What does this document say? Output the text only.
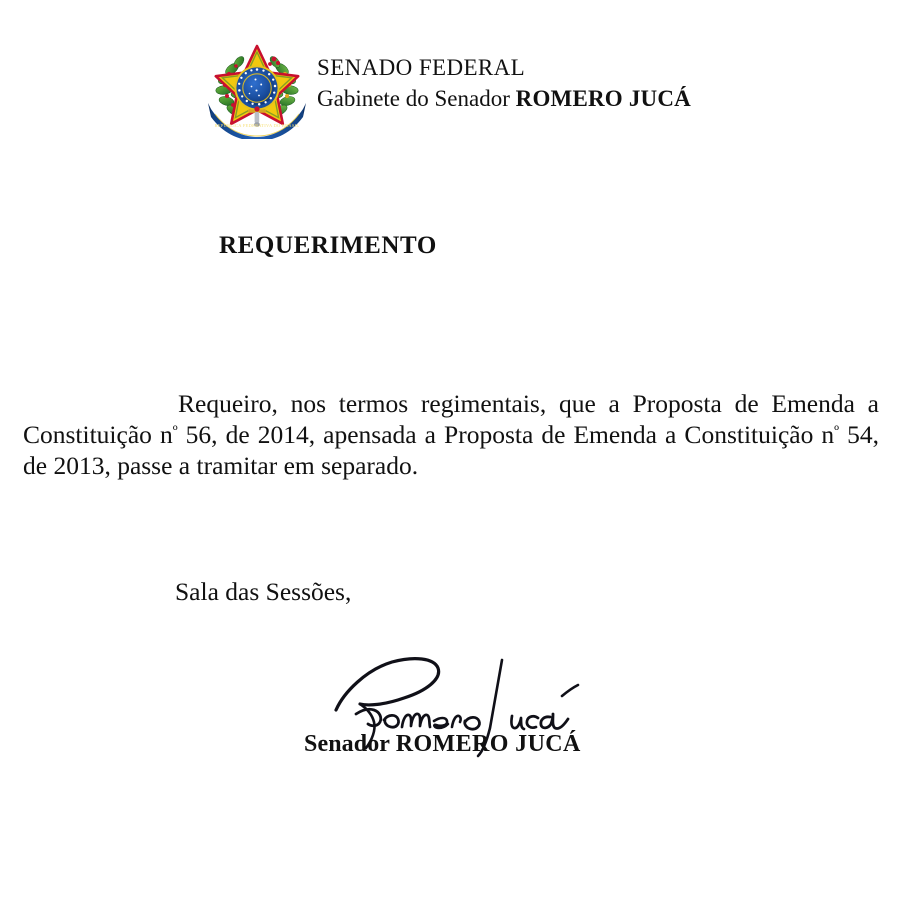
REPUBLICA FEDERATIVA DO BRASIL
SENADO FEDERAL
Gabinete do Senador ROMERO JUCÁ
REQUERIMENTO
Requeiro, nos termos regimentais, que a Proposta de Emenda a Constituição $n^º$ 56, de 2014, apensada a Proposta de Emenda a Constituição $n^º$ 54, de 2013, passe a tramitar em separado.
Sala das Sessões,
Senador ROMERO JUCÁ
